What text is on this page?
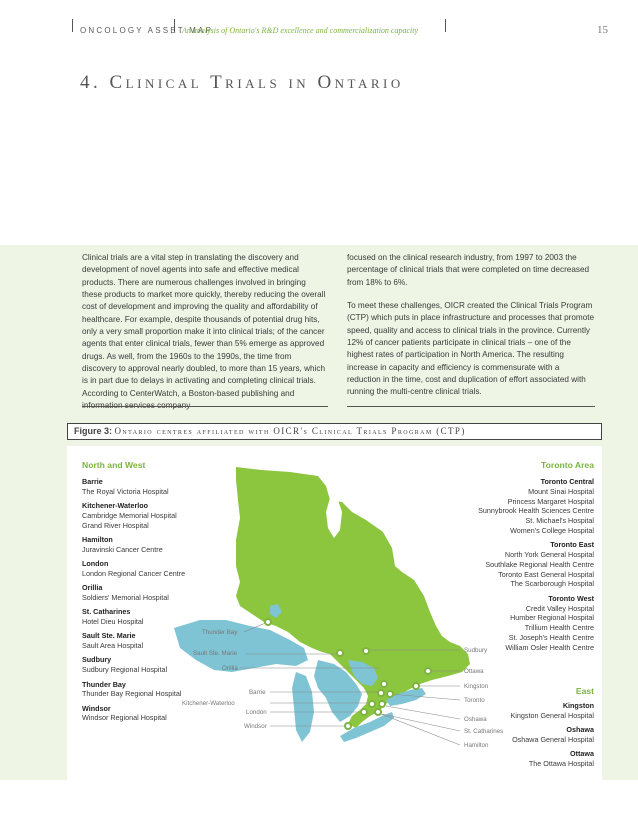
ONCOLOGY ASSET MAP
An analysis of Ontario's R&D excellence and commercialization capacity	15
4. Clinical Trials in Ontario

Clinical trials are a vital step in translating the discovery and development of novel agents into safe and effective medical products. There are numerous challenges involved in bringing these products to market more quickly, thereby reducing the overall cost of development and improving the quality and affordability of healthcare. For example, despite thousands of potential drug hits, only a very small proportion make it into clinical trials; of the cancer agents that enter clinical trials, fewer than 5% emerge as approved drugs. As well, from the 1960s to the 1990s, the time from discovery to approval nearly doubled, to more than 15 years, which is in part due to delays in activating and completing clinical trials. According to CenterWatch, a Boston-based publishing and

focused on the clinical research industry, from 1997 to 2003 the percentage of clinical trials that were completed on time decreased from 18% to 6%.

To meet these challenges, OICR created the Clinical Trials Program (CTP) which puts in place infrastructure and processes that promote speed, quality and access to clinical trials in the province. Currently 12% of cancer patients participate in clinical trials – one of the highest rates of participation in North America. The resulting increase in capacity and efficiency is commensurate with a reduction in the time, cost and duplication of effort associated with running the multi-centre clinical trials.

Figure 3: Ontario centres affiliated with OICR's Clinical Trials Program (CTP)
Thunder Bay
Sault Ste. Marie
Orillia
Barrie
Kitchener-Waterloo
London
Windsor
Sudbury
Ottawa
Kingston
Toronto
Oshawa
St. Catharines
Hamilton
North and West
Barrie
The Royal Victoria Hospital
Kitchener-Waterloo
Cambridge Memorial Hospital
Grand River Hospital
Hamilton
Juravinski Cancer Centre
London
London Regional Cancer Centre
Orillia
Soldiers' Memorial Hospital
St. Catharines
Hotel Dieu Hospital
Sault Ste. Marie
Sault Area Hospital
Sudbury
Sudbury Regional Hospital
Thunder Bay
Thunder Bay Regional Hospital
Windsor
Windsor Regional Hospital
Toronto Area
Toronto Central
Mount Sinai Hospital
Princess Margaret Hospital
Sunnybrook Health Sciences Centre
St. Michael's Hospital
Women's College Hospital
Toronto East
North York General Hospital
Southlake Regional Health Centre
Toronto East General Hospital
The Scarborough Hospital
Toronto West
Credit Valley Hospital
Humber Regional Hospital
Trillium Health Centre
St. Joseph's Health Centre
William Osler Health Centre
East
Kingston
Kingston General Hospital
Oshawa
Oshawa General Hospital
Ottawa
The Ottawa Hospital
